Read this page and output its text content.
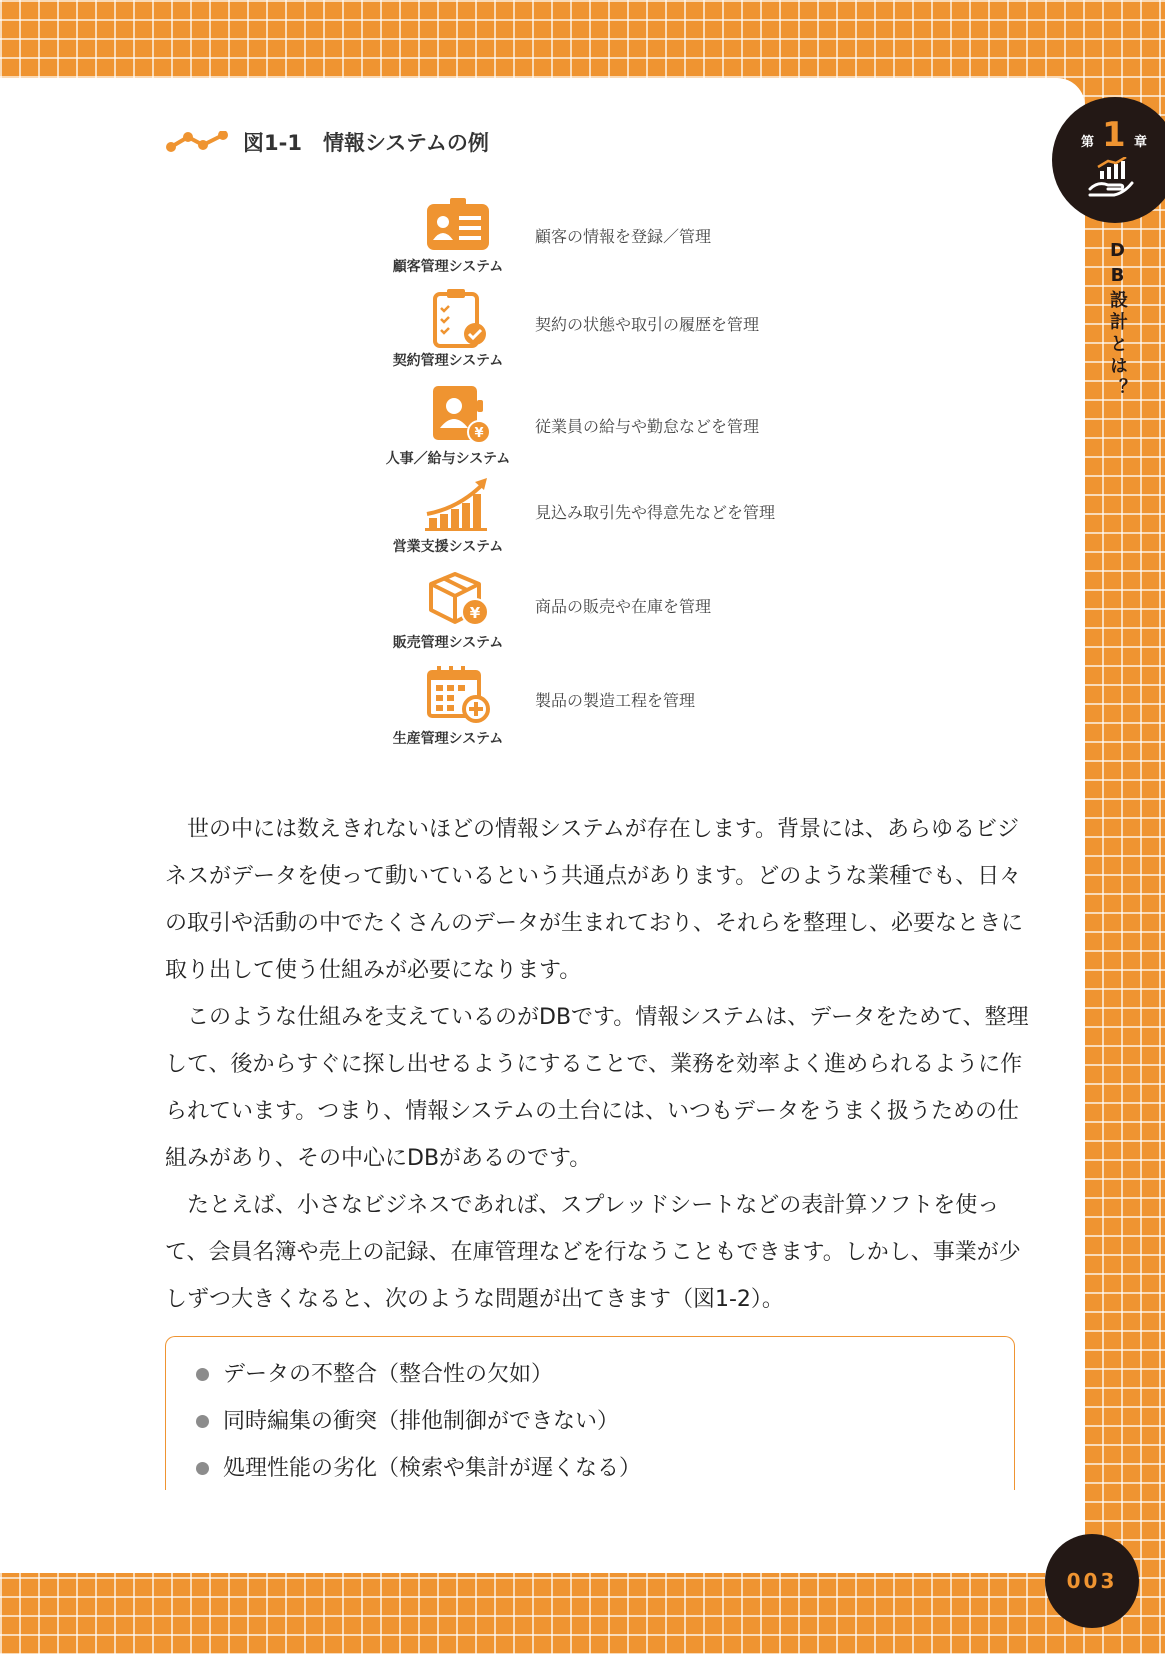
図1-1　情報システムの例
顧客管理システム
顧客の情報を登録／管理
契約管理システム
契約の状態や取引の履歴を管理
¥
人事／給与システム
従業員の給与や勤怠などを管理
営業支援システム
見込み取引先や得意先などを管理
¥
販売管理システム
商品の販売や在庫を管理
生産管理システム
製品の製造工程を管理

世の中には数えきれないほどの情報システムが存在します。背景には、あらゆるビジネスがデータを使って動いているという共通点があります。どのような業種でも、日々の取引や活動の中でたくさんのデータが生まれており、それらを整理し、必要なときに取り出して使う仕組みが必要になります。

このような仕組みを支えているのがDBです。情報システムは、データをためて、整理して、後からすぐに探し出せるようにすることで、業務を効率よく進められるように作られています。つまり、情報システムの土台には、いつもデータをうまく扱うための仕組みがあり、その中心にDBがあるのです。

たとえば、小さなビジネスであれば、スプレッドシートなどの表計算ソフトを使って、会員名簿や売上の記録、在庫管理などを行なうこともできます。しかし、事業が少しずつ大きくなると、次のような問題が出てきます（図1-2）。

データの不整合（整合性の欠如）
同時編集の衝突（排他制御ができない）
処理性能の劣化（検索や集計が遅くなる）
第 1 章
DB設計とは？
003
